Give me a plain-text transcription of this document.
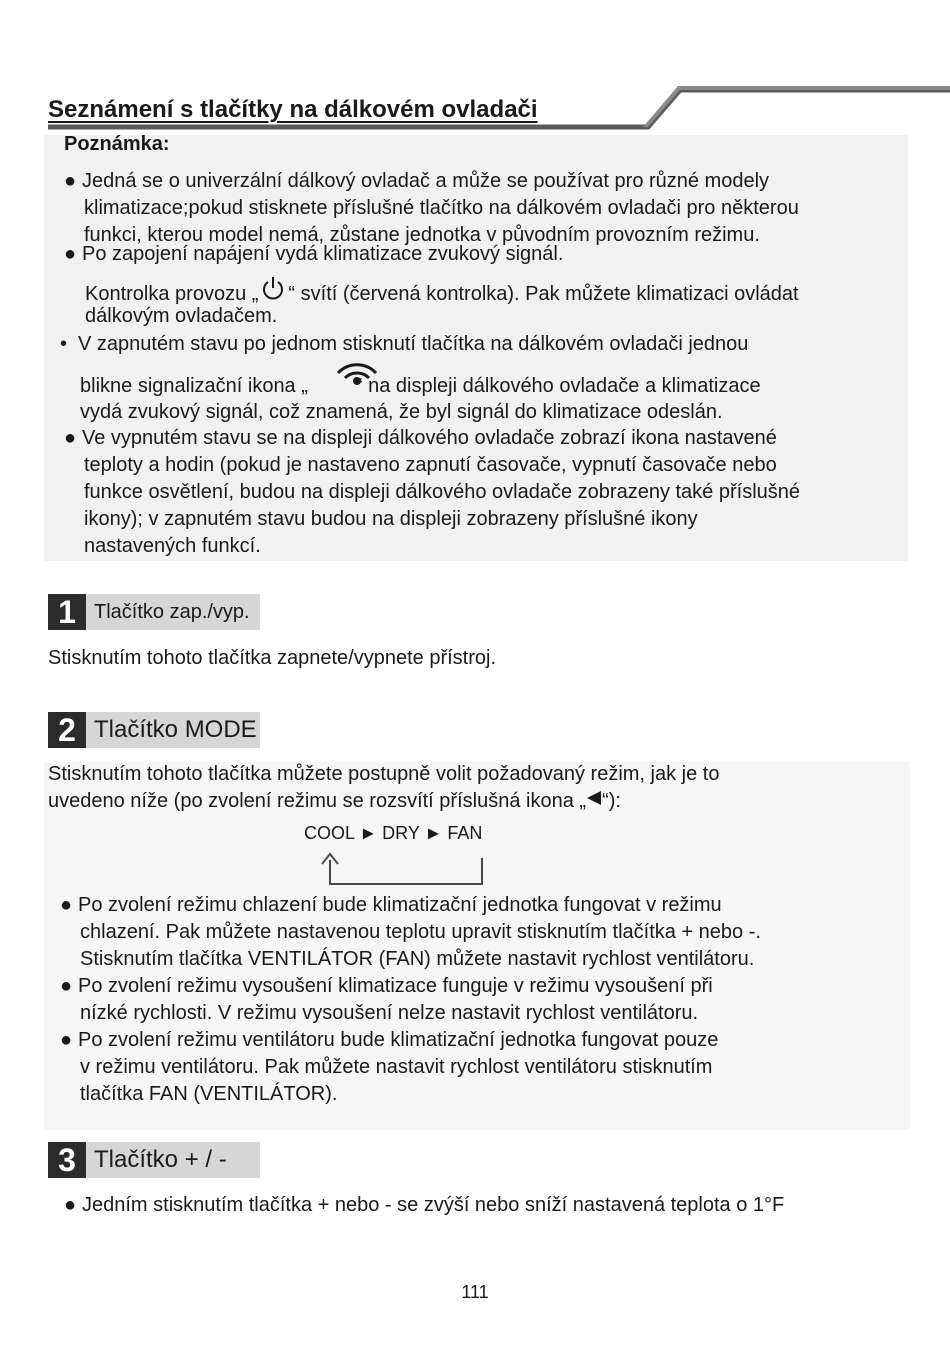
Seznámení s tlačítky na dálkovém ovladači
Poznámka:
● Jedná se o univerzální dálkový ovladač a může se používat pro různé modely
klimatizace;pokud stisknete příslušné tlačítko na dálkovém ovladači pro některou
funkci, kterou model nemá, zůstane jednotka v původním provozním režimu.
● Po zapojení napájení vydá klimatizace zvukový signál.
Kontrolka provozu „ “ svítí (červená kontrolka). Pak můžete klimatizaci ovládat
dálkovým ovladačem.
• V zapnutém stavu po jednom stisknutí tlačítka na dálkovém ovladači jednou
blikne signalizační ikona „ “ na displeji dálkového ovladače a klimatizace
vydá zvukový signál, což znamená, že byl signál do klimatizace odeslán.
● Ve vypnutém stavu se na displeji dálkového ovladače zobrazí ikona nastavené
teploty a hodin (pokud je nastaveno zapnutí časovače, vypnutí časovače nebo
funkce osvětlení, budou na displeji dálkového ovladače zobrazeny také příslušné
ikony); v zapnutém stavu budou na displeji zobrazeny příslušné ikony
nastavených funkcí.
1 Tlačítko zap./vyp.
Stisknutím tohoto tlačítka zapnete/vypnete přístroj.
2 Tlačítko MODE
Stisknutím tohoto tlačítka můžete postupně volit požadovaný režim, jak je to
uvedeno níže (po zvolení režimu se rozsvítí příslušná ikona „ “):
COOL ► DRY ► FAN
● Po zvolení režimu chlazení bude klimatizační jednotka fungovat v režimu
chlazení. Pak můžete nastavenou teplotu upravit stisknutím tlačítka + nebo -.
Stisknutím tlačítka VENTILÁTOR (FAN) můžete nastavit rychlost ventilátoru.
● Po zvolení režimu vysoušení klimatizace funguje v režimu vysoušení při
nízké rychlosti. V režimu vysoušení nelze nastavit rychlost ventilátoru.
● Po zvolení režimu ventilátoru bude klimatizační jednotka fungovat pouze
v režimu ventilátoru. Pak můžete nastavit rychlost ventilátoru stisknutím
tlačítka FAN (VENTILÁTOR).
3 Tlačítko + / -
● Jedním stisknutím tlačítka + nebo - se zvýší nebo sníží nastavená teplota o 1°F
111
